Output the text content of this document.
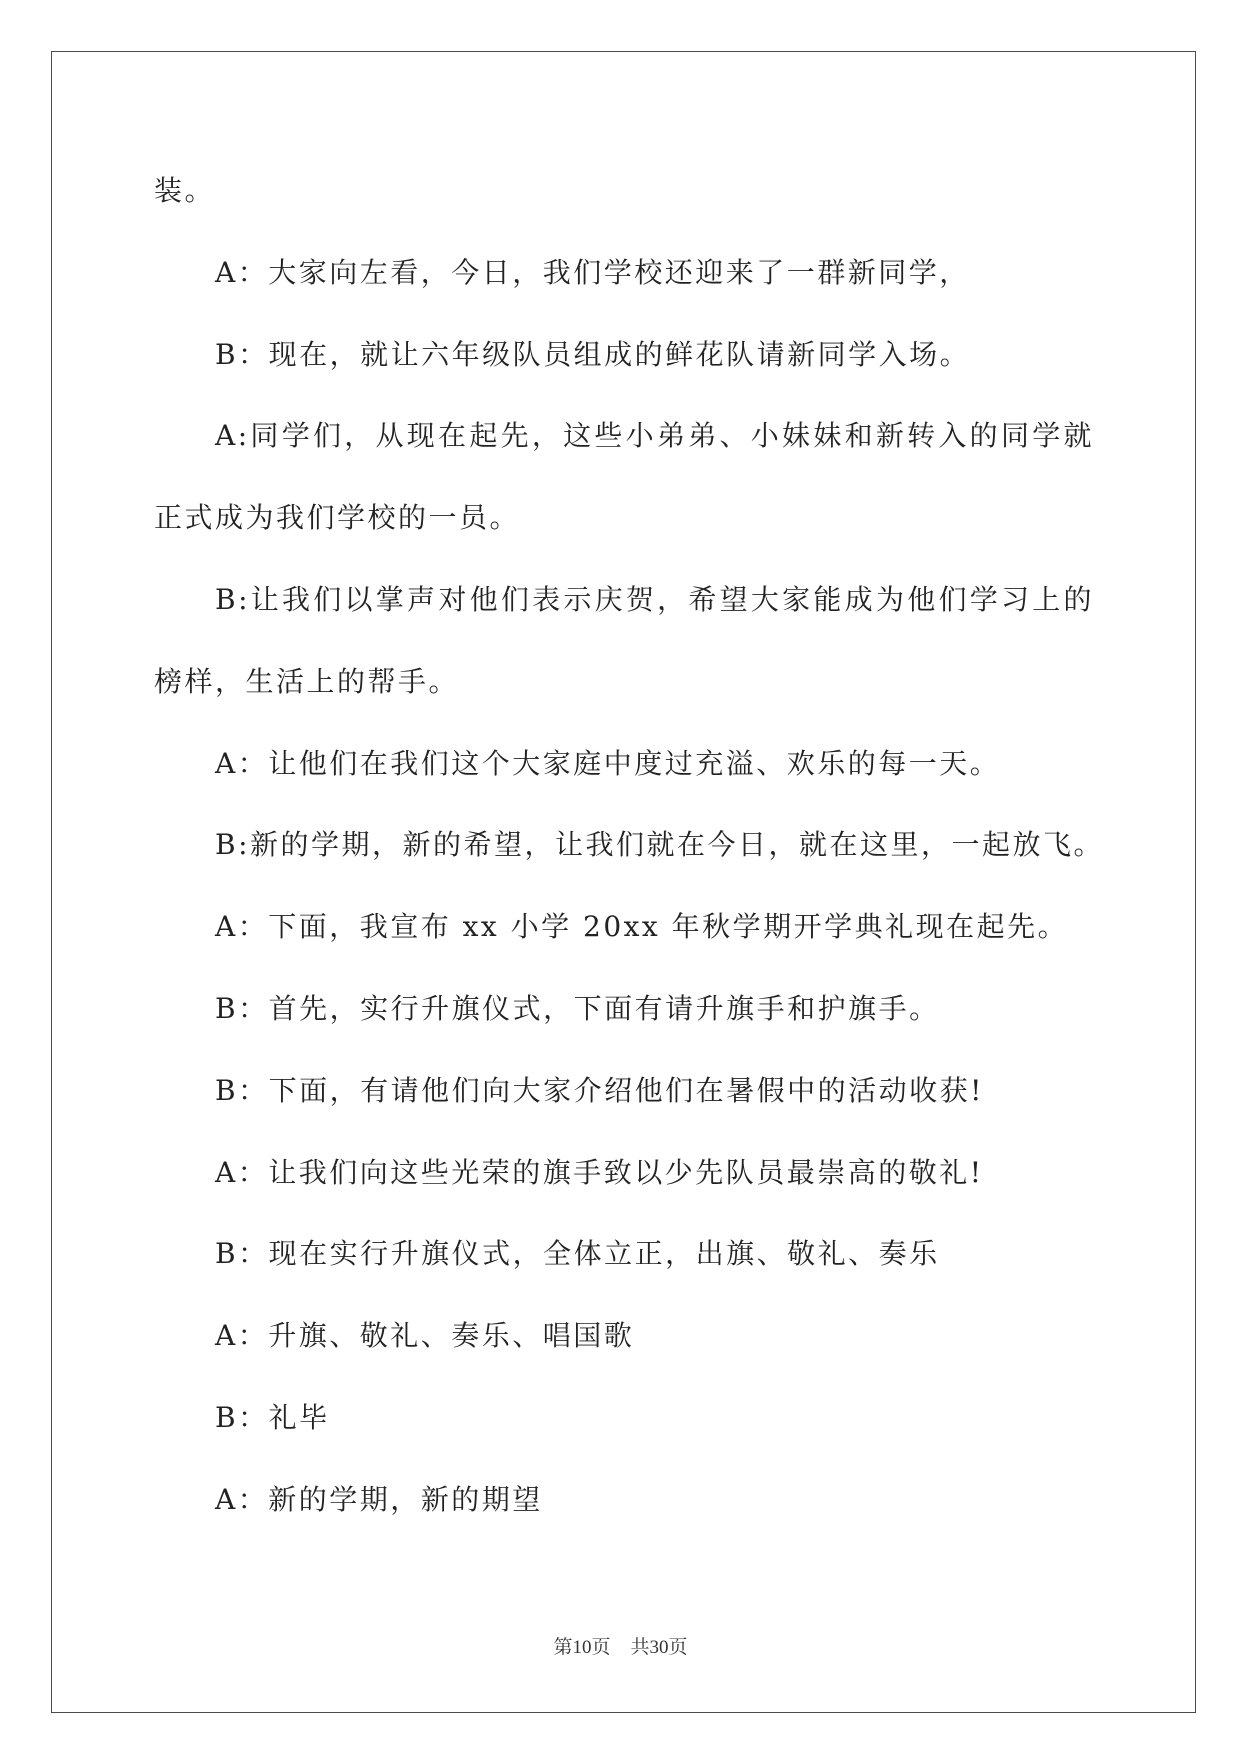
装。
A：大家向左看，今日，我们学校还迎来了一群新同学，
B：现在，就让六年级队员组成的鲜花队请新同学入场。
A:同学们，从现在起先，这些小弟弟、小妹妹和新转入的同学就
正式成为我们学校的一员。
B:让我们以掌声对他们表示庆贺，希望大家能成为他们学习上的
榜样，生活上的帮手。
A：让他们在我们这个大家庭中度过充溢、欢乐的每一天。
B:新的学期，新的希望，让我们就在今日，就在这里，一起放飞。
A：下面，我宣布 xx 小学 20xx 年秋学期开学典礼现在起先。
B：首先，实行升旗仪式，下面有请升旗手和护旗手。
B：下面，有请他们向大家介绍他们在暑假中的活动收获!
A：让我们向这些光荣的旗手致以少先队员最崇高的敬礼!
B：现在实行升旗仪式，全体立正，出旗、敬礼、奏乐
A：升旗、敬礼、奏乐、唱国歌
B：礼毕
A：新的学期，新的期望
第10页 共30页
